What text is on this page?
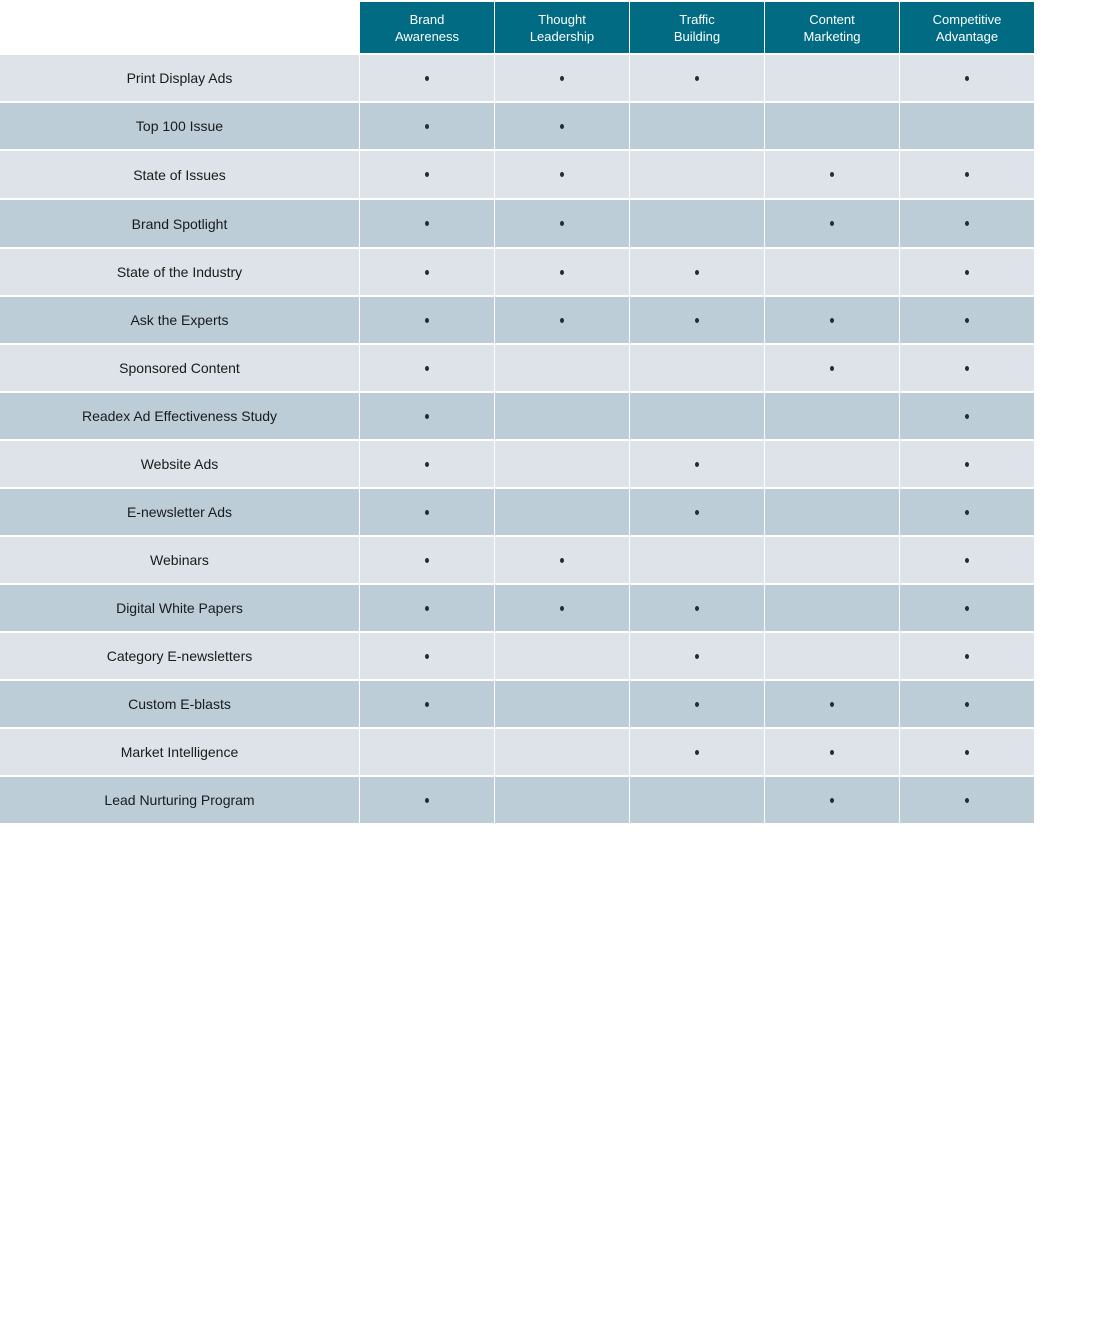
Brand
Awareness
Thought
Leadership
Traffic
Building
Content
Marketing
Competitive
Advantage
Print Display Ads
Top 100 Issue
State of Issues
Brand Spotlight
State of the Industry
Ask the Experts
Sponsored Content
Readex Ad Effectiveness Study
Website Ads
E-newsletter Ads
Webinars
Digital White Papers
Category E-newsletters
Custom E-blasts
Market Intelligence
Lead Nurturing Program
